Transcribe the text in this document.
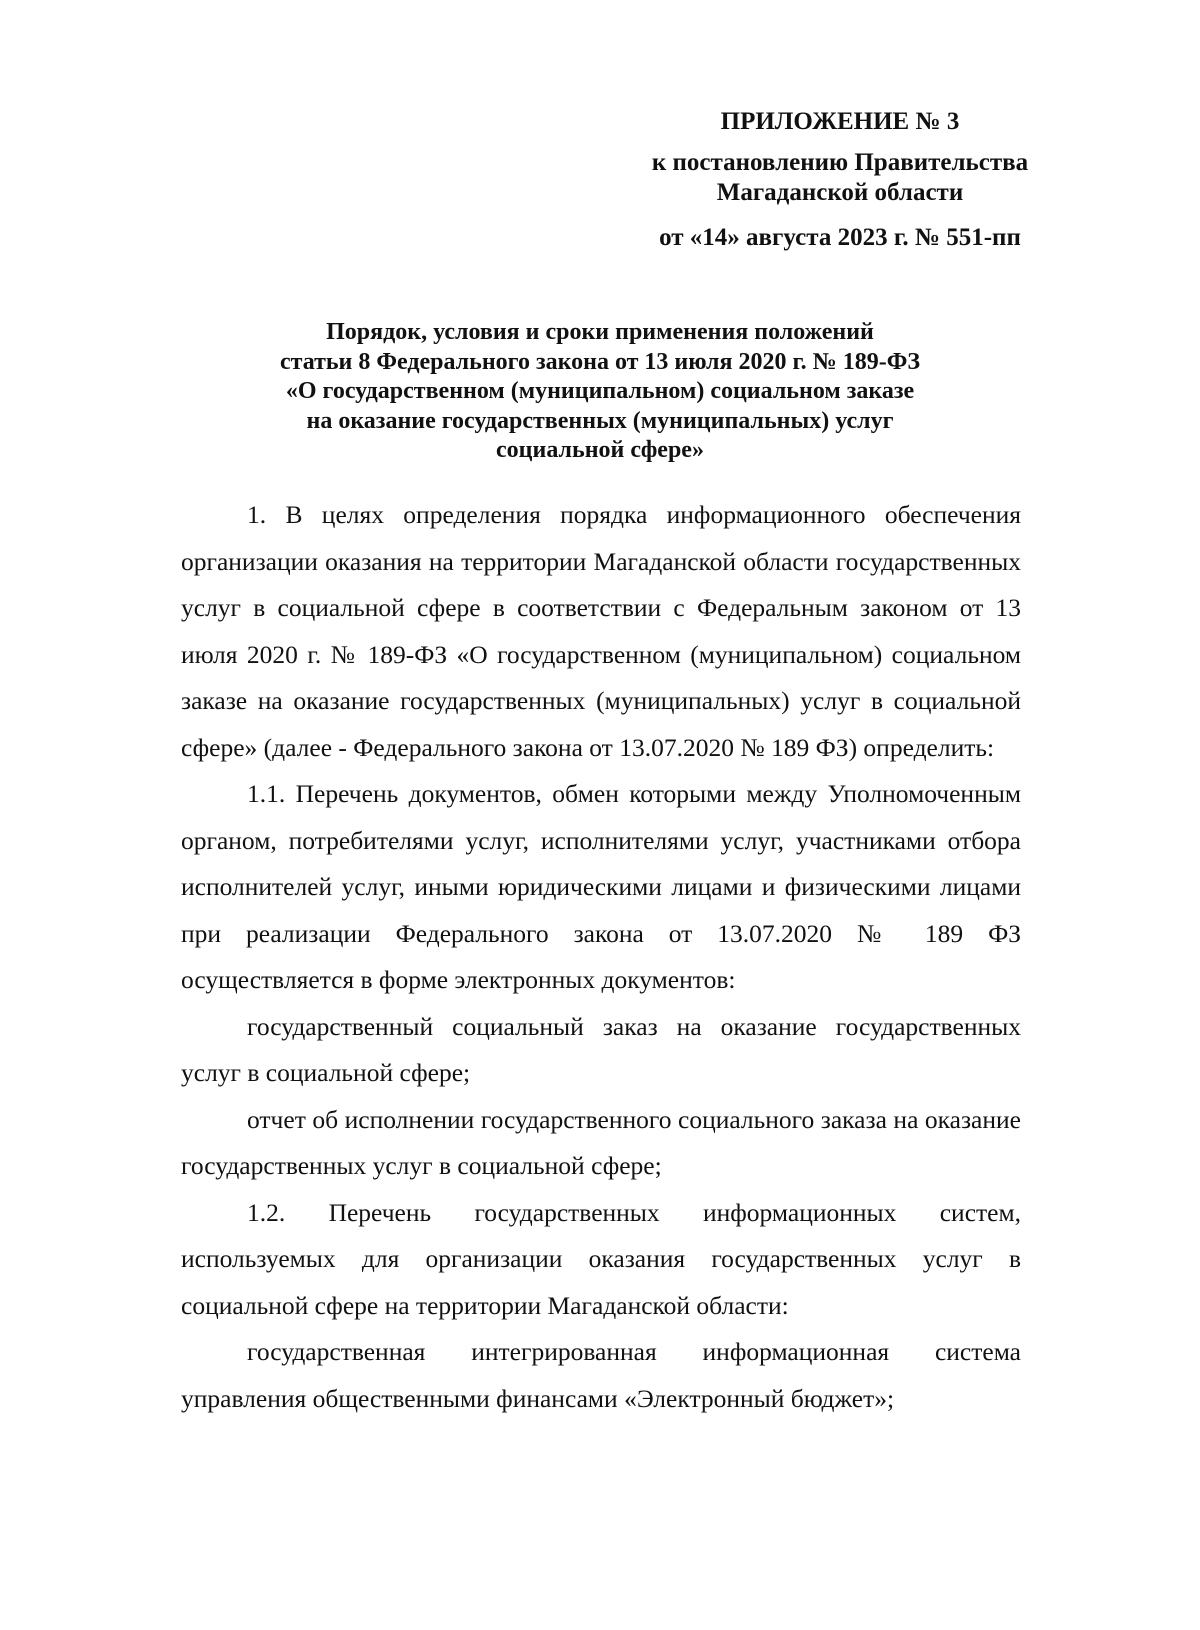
ПРИЛОЖЕНИЕ № 3
к постановлению Правительства
Магаданской области
от «14» августа 2023 г. № 551-пп
Порядок, условия и сроки применения положений
статьи 8 Федерального закона от 13 июля 2020 г. № 189-ФЗ
«О государственном (муниципальном) социальном заказе
на оказание государственных (муниципальных) услуг
социальной сфере»

1. В целях определения порядка информационного обеспечения организации оказания на территории Магаданской области государственных услуг в социальной сфере в соответствии с Федеральным законом от 13 июля 2020 г. № 189-ФЗ «О государственном (муниципальном) социальном заказе на оказание государственных (муниципальных) услуг в социальной сфере» (далее - Федерального закона от 13.07.2020 № 189 ФЗ) определить:

1.1. Перечень документов, обмен которыми между Уполномоченным органом, потребителями услуг, исполнителями услуг, участниками отбора исполнителей услуг, иными юридическими лицами и физическими лицами при реализации Федерального закона от 13.07.2020 № 189 ФЗ осуществляется в форме электронных документов:

государственный социальный заказ на оказание государственных услуг в социальной сфере;

отчет об исполнении государственного социального заказа на оказание государственных услуг в социальной сфере;

1.2. Перечень государственных информационных систем, используемых для организации оказания государственных услуг в социальной сфере на территории Магаданской области:

государственная интегрированная информационная система управления общественными финансами «Электронный бюджет»;
